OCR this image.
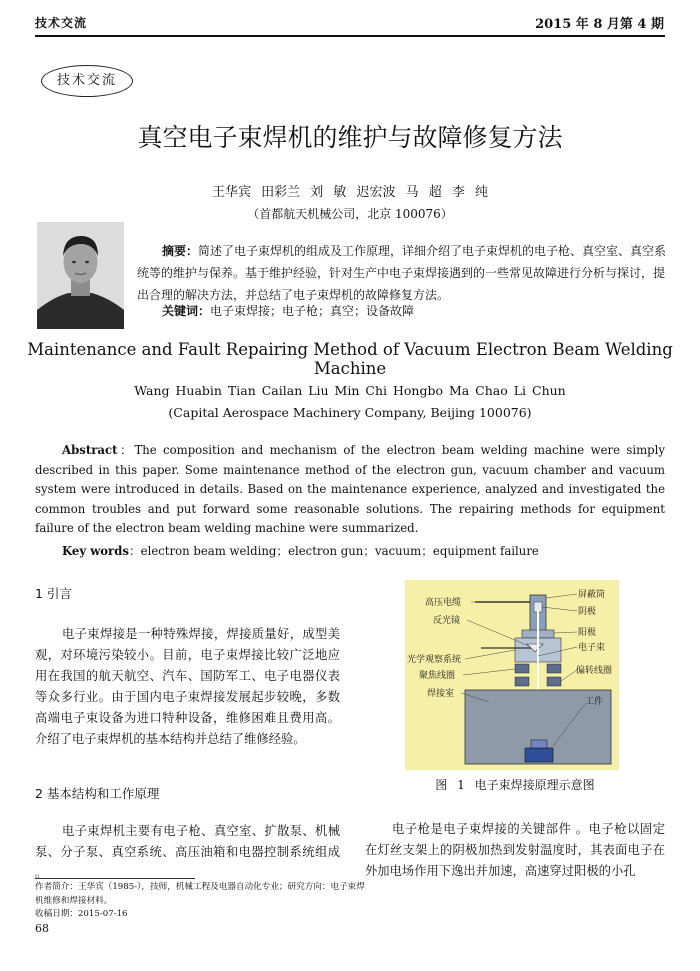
技术交流	2015 年 8 月第 4 期
技术交流
真空电子束焊机的维护与故障修复方法
王华宾 田彩兰 刘 敏 迟宏波 马 超 李 纯
（首都航天机械公司，北京 100076）
摘要：简述了电子束焊机的组成及工作原理，详细介绍了电子束焊机的电子枪、真空室、真空系统等的维护与保养。基于维护经验，针对生产中电子束焊接遇到的一些常见故障进行分析与探讨，提出合理的解决方法，并总结了电子束焊机的故障修复方法。
关键词：电子束焊接；电子枪；真空；设备故障
Maintenance and Fault Repairing Method of Vacuum Electron Beam Welding Machine
Wang Huabin Tian Cailan Liu Min Chi Hongbo Ma Chao Li Chun
(Capital Aerospace Machinery Company, Beijing 100076)
Abstract：The composition and mechanism of the electron beam welding machine were simply described in this paper. Some maintenance method of the electron gun, vacuum chamber and vacuum system were introduced in details. Based on the maintenance experience, analyzed and investigated the common troubles and put forward some reasonable solutions. The repairing methods for equipment failure of the electron beam welding machine were summarized.
Key words：electron beam welding；electron gun；vacuum；equipment failure
1 引言
电子束焊接是一种特殊焊接，焊接质量好，成型美观，对环境污染较小。目前，电子束焊接比较广泛地应用在我国的航天航空、汽车、国防军工、电子电器仪表等众多行业。由于国内电子束焊接发展起步较晚，多数高端电子束设备为进口特种设备，维修困难且费用高。介绍了电子束焊机的基本结构并总结了维修经验。
2 基本结构和工作原理
电子束焊机主要有电子枪、真空室、扩散泵、机械泵、分子泵、真空系统、高压油箱和电器控制系统组成 。
高压电缆
反光镜
光学观察系统
聚焦线圈
焊接室
屏蔽筒
阴极
阳极
电子束
偏转线圈
工件
图 1 电子束焊接原理示意图
电子枪是电子束焊接的关键部件 。电子枪以固定在灯丝支架上的阴极加热到发射温度时，其表面电子在外加电场作用下逸出并加速，高速穿过阳极的小孔
作者简介：王华宾（1985-），技师，机械工程及电器自动化专业；研究方向：电子束焊机维修和焊接材料。
收稿日期：2015-07-16
68
